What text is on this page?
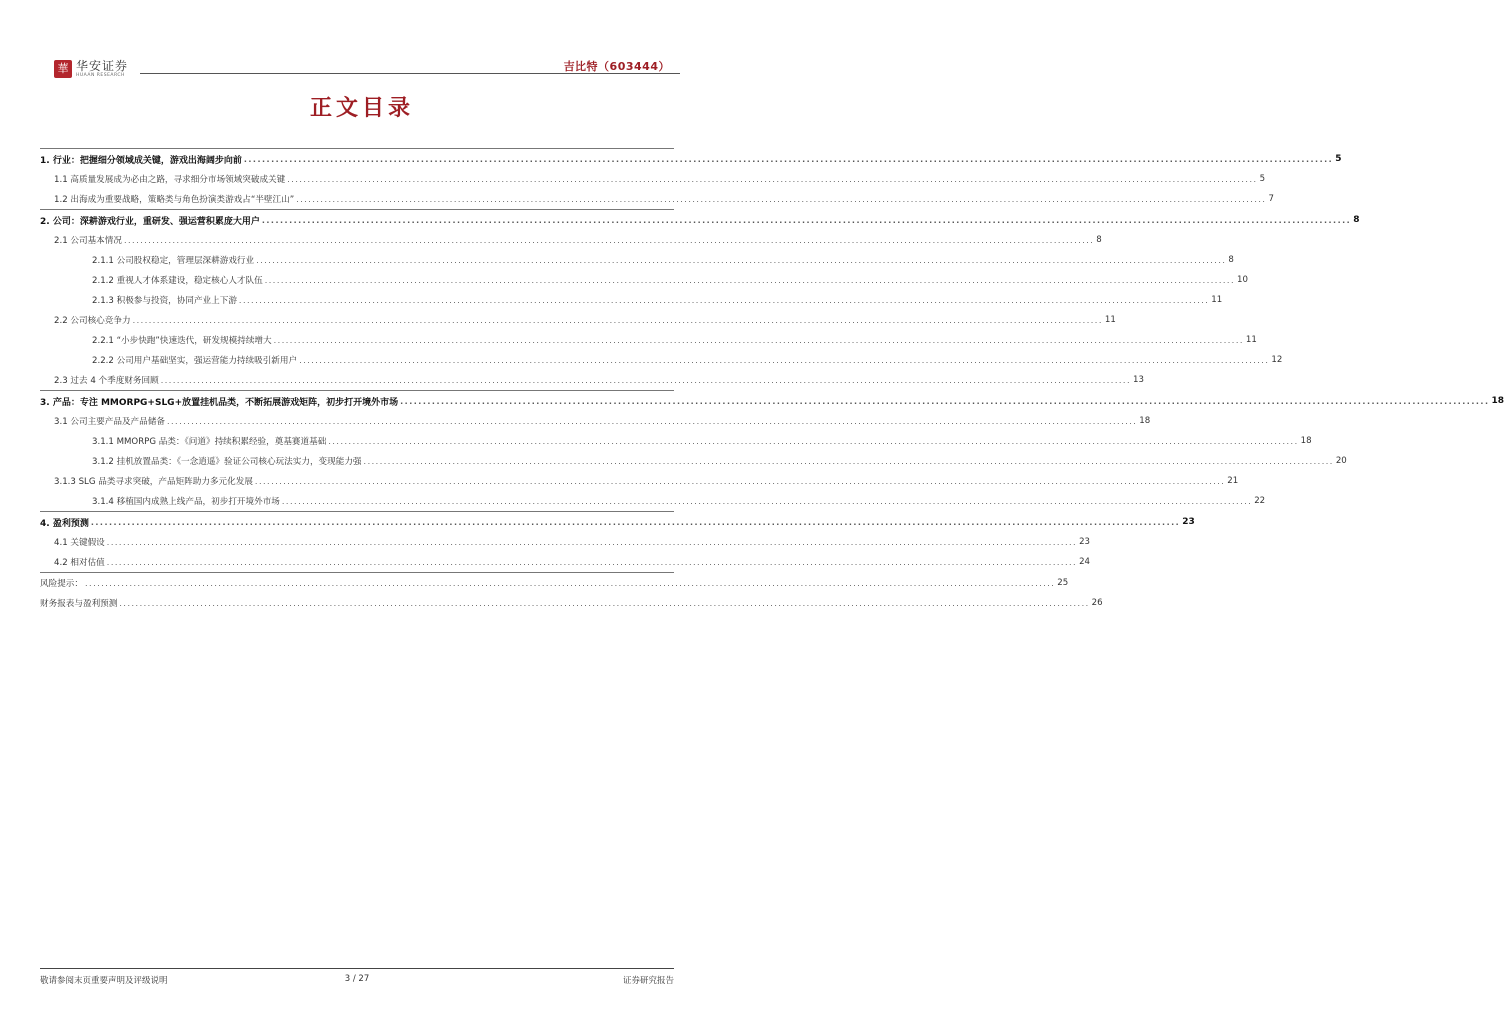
華 华安证券
HUAAN RESEARCH
吉比特（603444）
正文目录
1. 行业：把握细分领域成关键，游戏出海阔步向前 .....	5
1.1 高质量发展成为必由之路，寻求细分市场领域突破成关键 .....	5
1.2 出海成为重要战略，策略类与角色扮演类游戏占“半壁江山” .....	7
2. 公司：深耕游戏行业，重研发、强运营积累庞大用户 .....	8
2.1 公司基本情况 .....	8
2.1.1 公司股权稳定，管理层深耕游戏行业 .....	8
2.1.2 重视人才体系建设，稳定核心人才队伍 .....	10
2.1.3 积极参与投资，协同产业上下游 .....	11
2.2 公司核心竞争力 .....	11
2.2.1 “小步快跑”快速迭代，研发规模持续增大 .....	11
2.2.2 公司用户基础坚实，强运营能力持续吸引新用户 .....	12
2.3 过去 4 个季度财务回顾 .....	13
3. 产品：专注 MMORPG+SLG+放置挂机品类，不断拓展游戏矩阵，初步打开境外市场 .....	18
3.1 公司主要产品及产品储备 .....	18
3.1.1 MMORPG 品类：《问道》持续积累经验，奠基赛道基础 .....	18
3.1.2 挂机放置品类：《一念逍遥》验证公司核心玩法实力，变现能力强 .....	20
3.1.3 SLG 品类寻求突破，产品矩阵助力多元化发展 .....	21
3.1.4 移植国内成熟上线产品，初步打开境外市场 .....	22
4. 盈利预测 .....	23
4.1 关键假设 .....	23
4.2 相对估值 .....	24
风险提示： .....	25
财务报表与盈利预测 .....	26
敬请参阅末页重要声明及评级说明	3 / 27	证券研究报告
